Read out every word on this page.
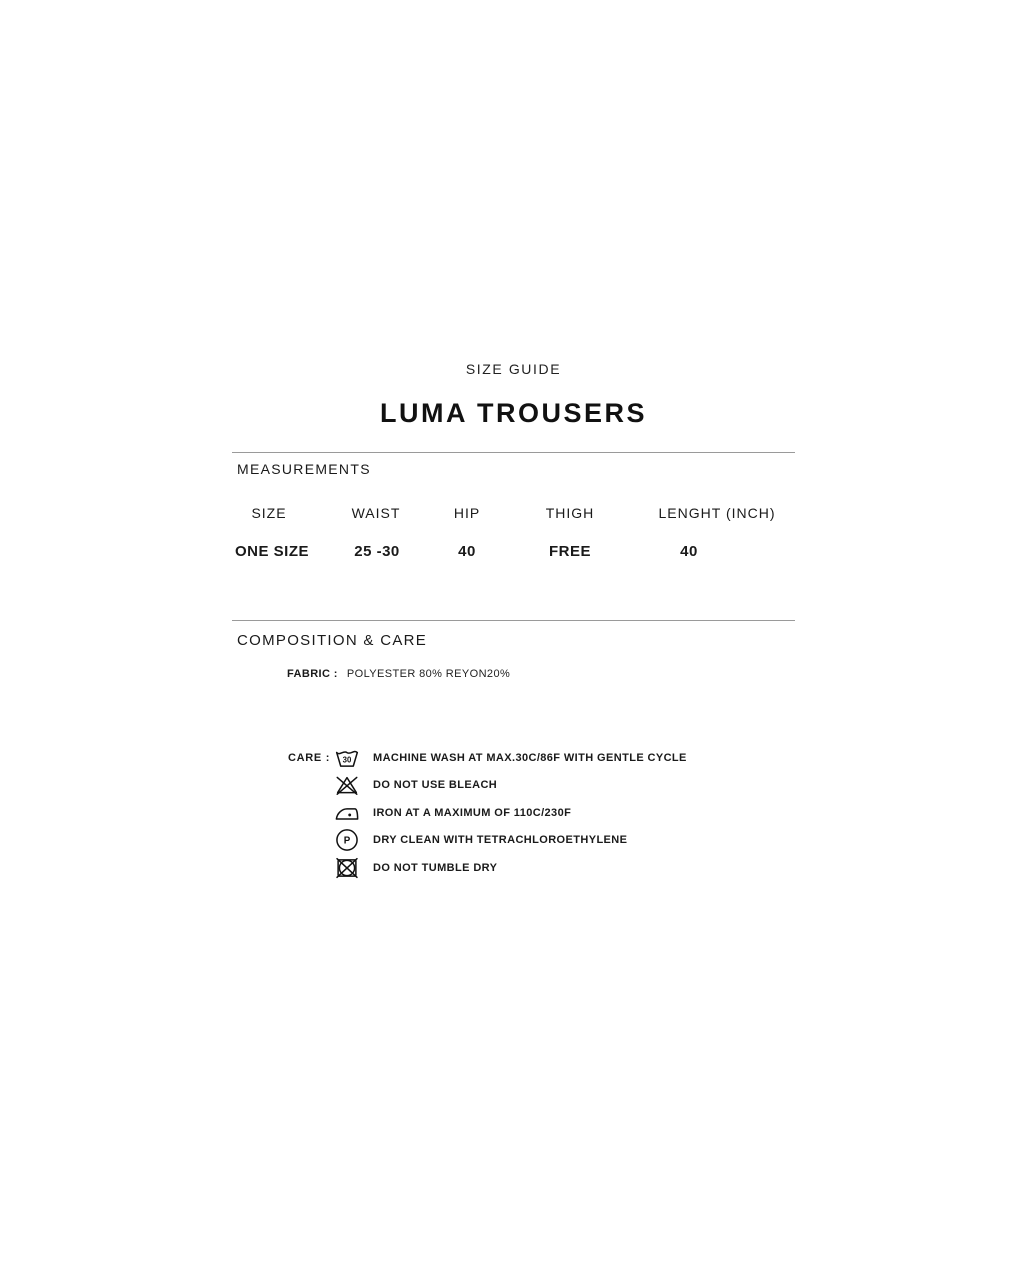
SIZE GUIDE
LUMA TROUSERS
MEASUREMENTS
SIZE	WAIST	HIP	THIGH	LENGHT (INCH)
ONE SIZE	25 -30	40	FREE	40
COMPOSITION & CARE
FABRIC : POLYESTER 80% REYON20%
CARE : 30 MACHINE WASH AT MAX.30C/86F WITH GENTLE CYCLE
DO NOT USE BLEACH
IRON AT A MAXIMUM OF 110C/230F
P DRY CLEAN WITH TETRACHLOROETHYLENE
DO NOT TUMBLE DRY
